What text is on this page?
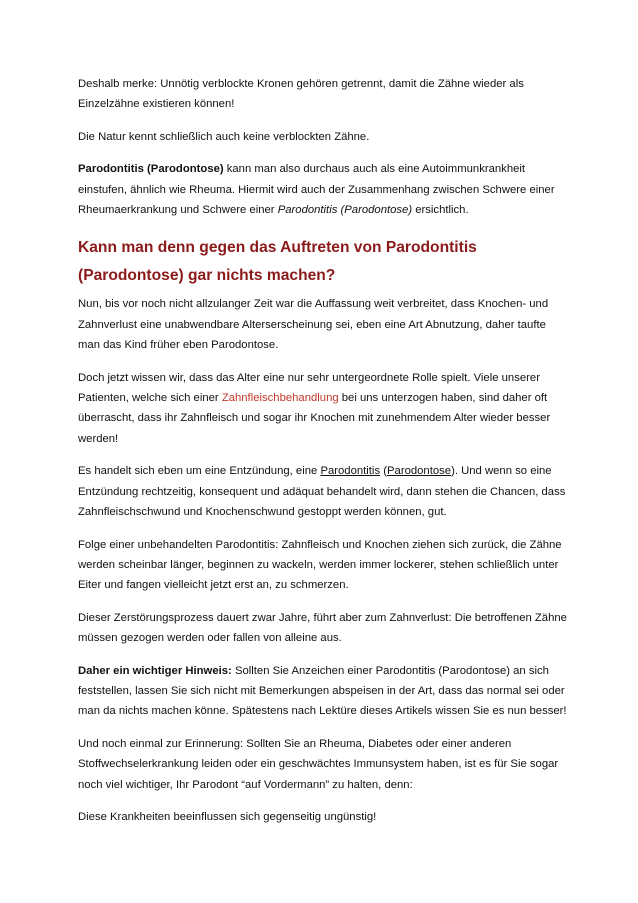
Deshalb merke: Unnötig verblockte Kronen gehören getrennt, damit die Zähne wieder als Einzelzähne existieren können!

Die Natur kennt schließlich auch keine verblockten Zähne.

Parodontitis (Parodontose) kann man also durchaus auch als eine Autoimmunkrankheit einstufen, ähnlich wie Rheuma. Hiermit wird auch der Zusammenhang zwischen Schwere einer Rheumaerkrankung und Schwere einer Parodontitis (Parodontose) ersichtlich.

Kann man denn gegen das Auftreten von Parodontitis (Parodontose) gar nichts machen?

Nun, bis vor noch nicht allzulanger Zeit war die Auffassung weit verbreitet, dass Knochen- und Zahnverlust eine unabwendbare Alterserscheinung sei, eben eine Art Abnutzung, daher taufte man das Kind früher eben Parodontose.

Doch jetzt wissen wir, dass das Alter eine nur sehr untergeordnete Rolle spielt. Viele unserer Patienten, welche sich einer Zahnfleischbehandlung bei uns unterzogen haben, sind daher oft überrascht, dass ihr Zahnfleisch und sogar ihr Knochen mit zunehmendem Alter wieder besser werden!

Es handelt sich eben um eine Entzündung, eine Parodontitis (Parodontose). Und wenn so eine Entzündung rechtzeitig, konsequent und adäquat behandelt wird, dann stehen die Chancen, dass Zahnfleischschwund und Knochenschwund gestoppt werden können, gut.

Folge einer unbehandelten Parodontitis: Zahnfleisch und Knochen ziehen sich zurück, die Zähne werden scheinbar länger, beginnen zu wackeln, werden immer lockerer, stehen schließlich unter Eiter und fangen vielleicht jetzt erst an, zu schmerzen.

Dieser Zerstörungsprozess dauert zwar Jahre, führt aber zum Zahnverlust: Die betroffenen Zähne müssen gezogen werden oder fallen von alleine aus.

Daher ein wichtiger Hinweis: Sollten Sie Anzeichen einer Parodontitis (Parodontose) an sich feststellen, lassen Sie sich nicht mit Bemerkungen abspeisen in der Art, dass das normal sei oder man da nichts machen könne. Spätestens nach Lektüre dieses Artikels wissen Sie es nun besser!

Und noch einmal zur Erinnerung: Sollten Sie an Rheuma, Diabetes oder einer anderen Stoffwechselerkrankung leiden oder ein geschwächtes Immunsystem haben, ist es für Sie sogar noch viel wichtiger, Ihr Parodont “auf Vordermann” zu halten, denn:

Diese Krankheiten beeinflussen sich gegenseitig ungünstig!
